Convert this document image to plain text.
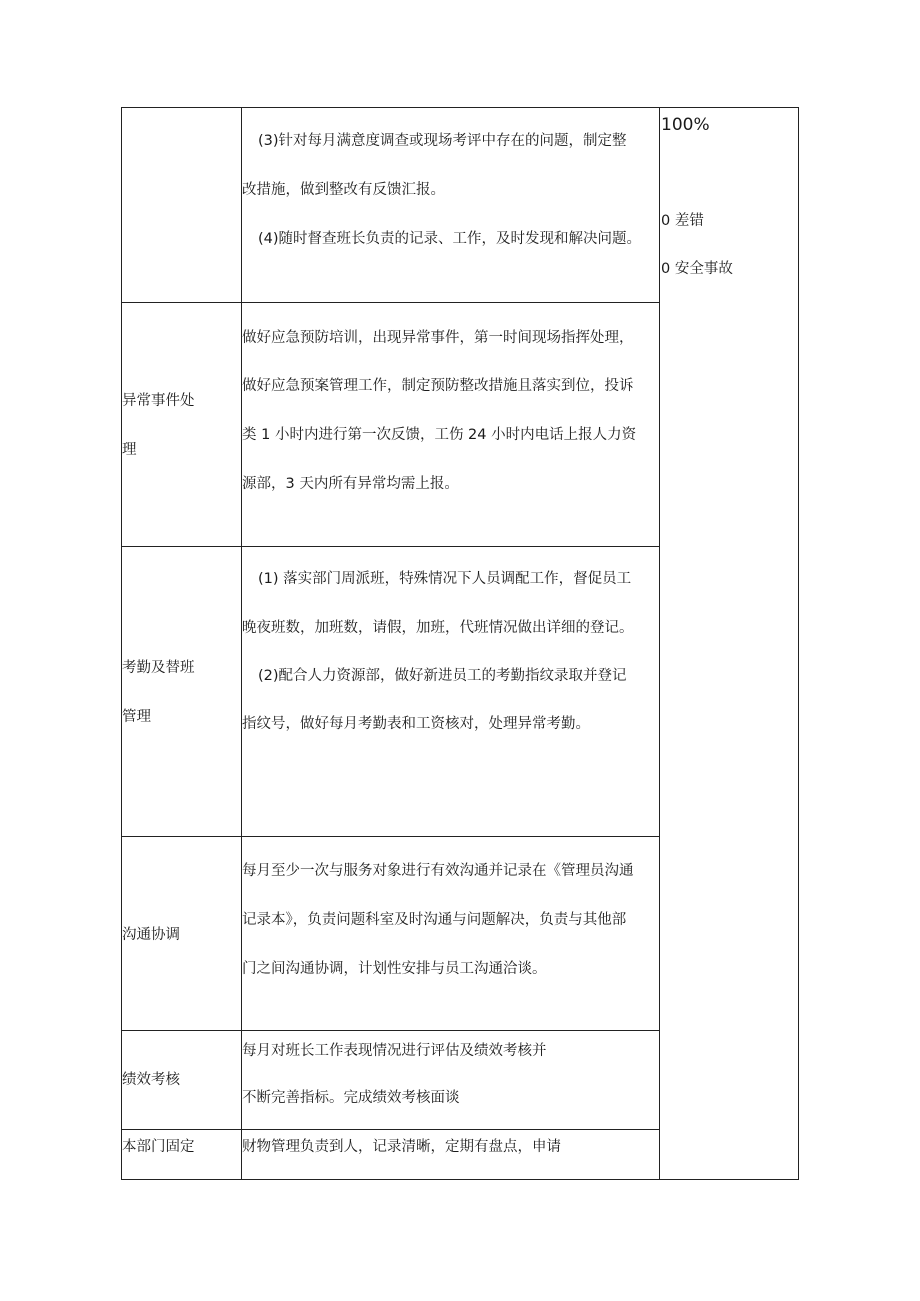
(3)针对每月满意度调查或现场考评中存在的问题，制定整
改措施，做到整改有反馈汇报。
(4)随时督查班长负责的记录、工作，及时发现和解决问题。
异常事件处
理
做好应急预防培训，出现异常事件，第一时间现场指挥处理，
做好应急预案管理工作，制定预防整改措施且落实到位，投诉
类 1 小时内进行第一次反馈，工伤 24 小时内电话上报人力资
源部，3 天内所有异常均需上报。
考勤及替班
管理
(1) 落实部门周派班，特殊情况下人员调配工作，督促员工
晚夜班数，加班数，请假，加班，代班情况做出详细的登记。
(2)配合人力资源部，做好新进员工的考勤指纹录取并登记
指纹号，做好每月考勤表和工资核对，处理异常考勤。
沟通协调
每月至少一次与服务对象进行有效沟通并记录在《管理员沟通
记录本》，负责问题科室及时沟通与问题解决，负责与其他部
门之间沟通协调，计划性安排与员工沟通洽谈。
绩效考核
每月对班长工作表现情况进行评估及绩效考核并
不断完善指标。完成绩效考核面谈
本部门固定	财物管理负责到人，记录清晰，定期有盘点，申请
100%
0 差错
0 安全事故
